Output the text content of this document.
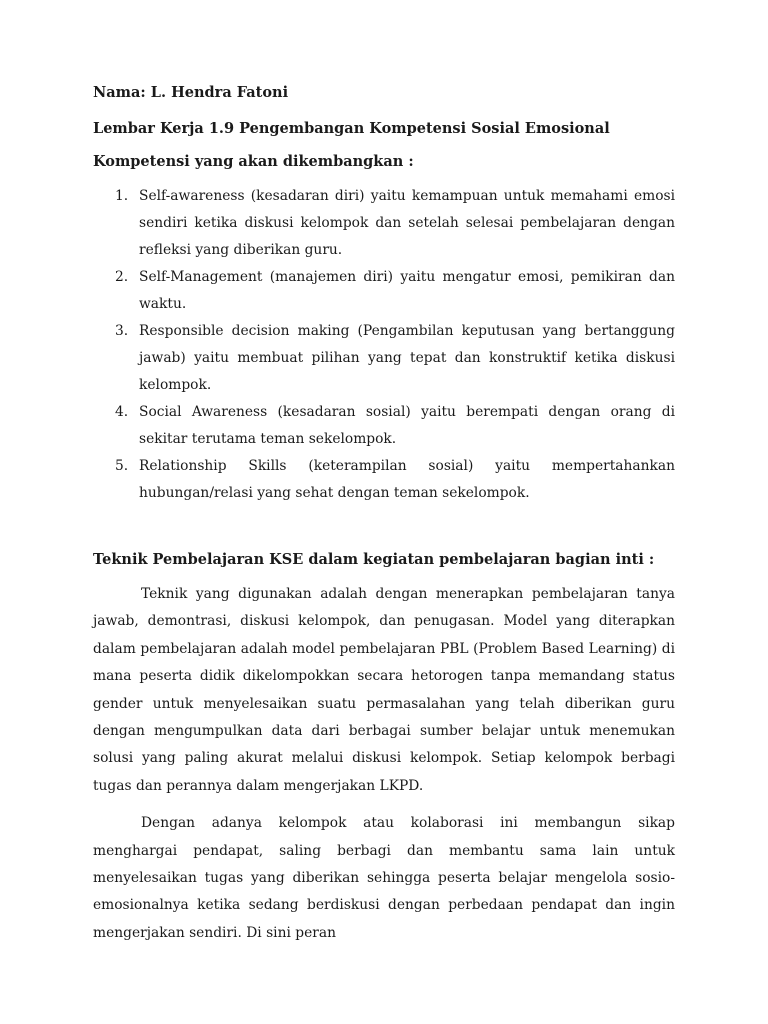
Nama: L. Hendra Fatoni

Lembar Kerja 1.9 Pengembangan Kompetensi Sosial Emosional

Kompetensi yang akan dikembangkan :

1. Self-awareness (kesadaran diri) yaitu kemampuan untuk memahami emosi sendiri ketika diskusi kelompok dan setelah selesai pembelajaran dengan refleksi yang diberikan guru.
2. Self-Management (manajemen diri) yaitu mengatur emosi, pemikiran dan waktu.
3. Responsible decision making (Pengambilan keputusan yang bertanggung jawab) yaitu membuat pilihan yang tepat dan konstruktif ketika diskusi kelompok.
4. Social Awareness (kesadaran sosial) yaitu berempati dengan orang di sekitar terutama teman sekelompok.
5. Relationship Skills (keterampilan sosial) yaitu mempertahankan hubungan/relasi yang sehat dengan teman sekelompok.

Teknik Pembelajaran KSE dalam kegiatan pembelajaran bagian inti :

Teknik yang digunakan adalah dengan menerapkan pembelajaran tanya jawab, demontrasi, diskusi kelompok, dan penugasan. Model yang diterapkan dalam pembelajaran adalah model pembelajaran PBL (Problem Based Learning) di mana peserta didik dikelompokkan secara hetorogen tanpa memandang status gender untuk menyelesaikan suatu permasalahan yang telah diberikan guru dengan mengumpulkan data dari berbagai sumber belajar untuk menemukan solusi yang paling akurat melalui diskusi kelompok. Setiap kelompok berbagi tugas dan perannya dalam mengerjakan LKPD.

Dengan adanya kelompok atau kolaborasi ini membangun sikap menghargai pendapat, saling berbagi dan membantu sama lain untuk menyelesaikan tugas yang diberikan sehingga peserta belajar mengelola sosio-emosionalnya ketika sedang berdiskusi dengan perbedaan pendapat dan ingin mengerjakan sendiri. Di sini peran
